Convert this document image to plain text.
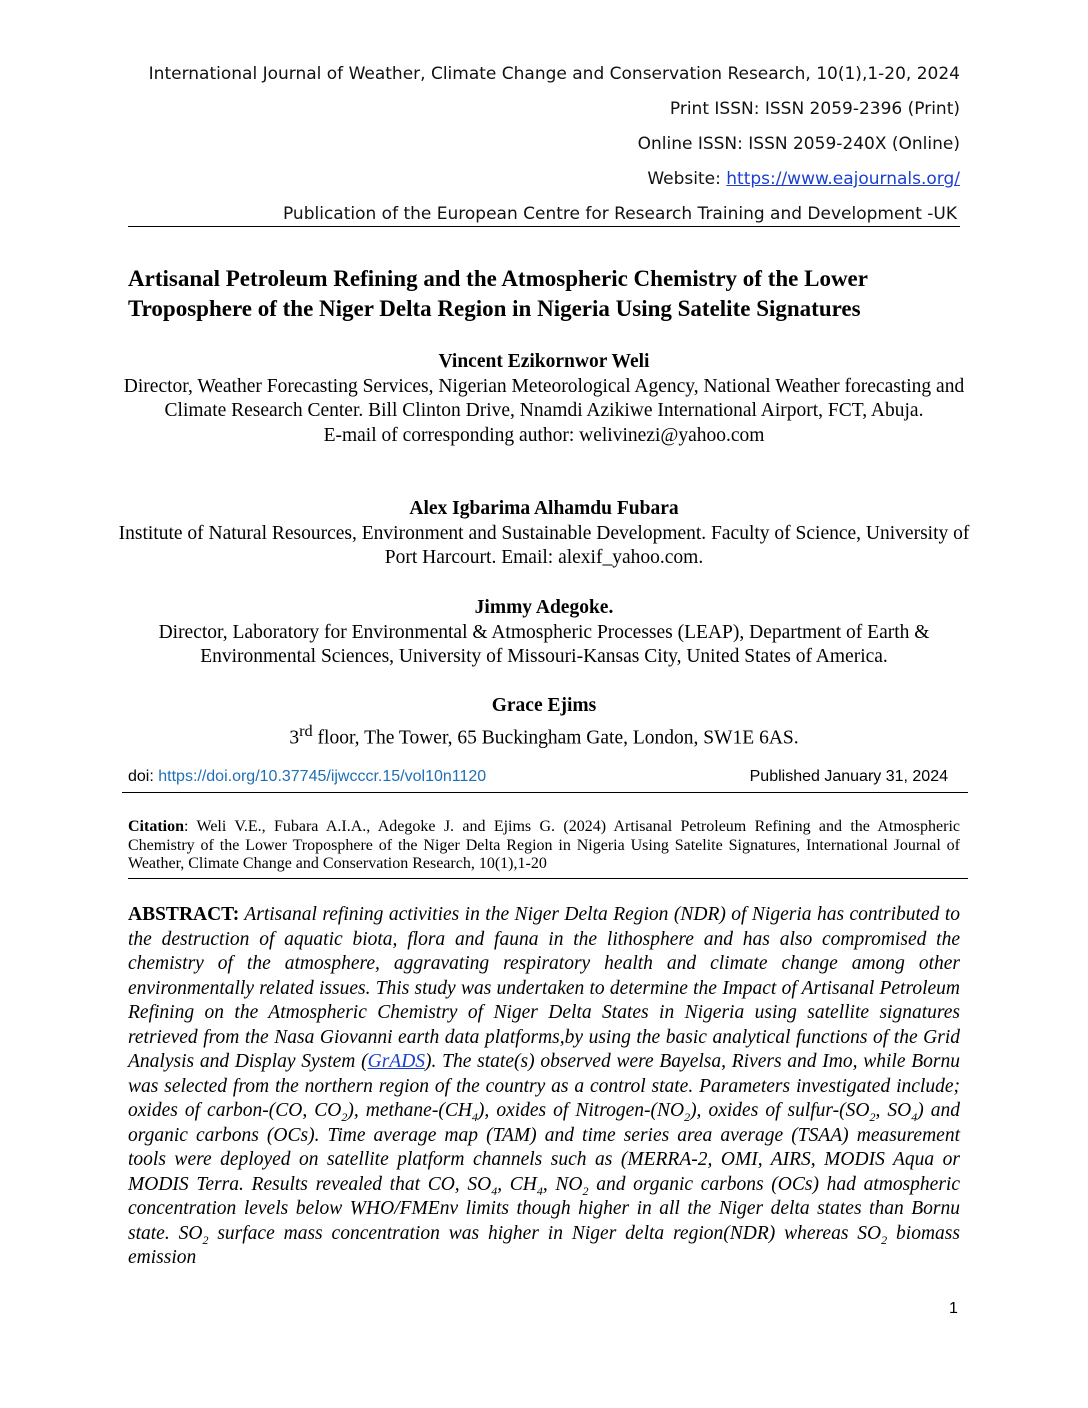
International Journal of Weather, Climate Change and Conservation Research, 10(1),1-20, 2024
Print ISSN: ISSN 2059-2396 (Print)
Online ISSN: ISSN 2059-240X (Online)
Website: https://www.eajournals.org/
Publication of the European Centre for Research Training and Development -UK
Artisanal Petroleum Refining and the Atmospheric Chemistry of the Lower Troposphere of the Niger Delta Region in Nigeria Using Satelite Signatures
Vincent Ezikornwor Weli
Director, Weather Forecasting Services, Nigerian Meteorological Agency, National Weather forecasting and Climate Research Center. Bill Clinton Drive, Nnamdi Azikiwe International Airport, FCT, Abuja.
E-mail of corresponding author: welivinezi@yahoo.com
Alex Igbarima Alhamdu Fubara
Institute of Natural Resources, Environment and Sustainable Development. Faculty of Science, University of Port Harcourt. Email: alexif_yahoo.com.
Jimmy Adegoke.
Director, Laboratory for Environmental & Atmospheric Processes (LEAP), Department of Earth & Environmental Sciences, University of Missouri-Kansas City, United States of America.
Grace Ejims
3rd floor, The Tower, 65 Buckingham Gate, London, SW1E 6AS.
doi: https://doi.org/10.37745/ijwcccr.15/vol10n1120	Published January 31, 2024
Citation: Weli V.E., Fubara A.I.A., Adegoke J. and Ejims G. (2024) Artisanal Petroleum Refining and the Atmospheric Chemistry of the Lower Troposphere of the Niger Delta Region in Nigeria Using Satelite Signatures, International Journal of Weather, Climate Change and Conservation Research, 10(1),1-20
ABSTRACT: Artisanal refining activities in the Niger Delta Region (NDR) of Nigeria has contributed to the destruction of aquatic biota, flora and fauna in the lithosphere and has also compromised the chemistry of the atmosphere, aggravating respiratory health and climate change among other environmentally related issues. This study was undertaken to determine the Impact of Artisanal Petroleum Refining on the Atmospheric Chemistry of Niger Delta States in Nigeria using satellite signatures retrieved from the Nasa Giovanni earth data platforms,by using the basic analytical functions of the Grid Analysis and Display System (GrADS). The state(s) observed were Bayelsa, Rivers and Imo, while Bornu was selected from the northern region of the country as a control state. Parameters investigated include; oxides of carbon-(CO, $CO_2$), methane-$(CH_4)$, oxides of Nitrogen-$(NO_2)$, oxides of sulfur-($SO_2$, $SO_4$) and organic carbons (OCs). Time average map (TAM) and time series area average (TSAA) measurement tools were deployed on satellite platform channels such as (MERRA-2, OMI, AIRS, MODIS Aqua or MODIS Terra. Results revealed that CO, $SO_4$, $CH_4$, $NO_2$ and organic carbons (OCs) had atmospheric concentration levels below WHO/FMEnv limits though higher in all the Niger delta states than Bornu state. $SO_2$ surface mass concentration was higher in Niger delta region(NDR) whereas $SO_2$ biomass emission
1
